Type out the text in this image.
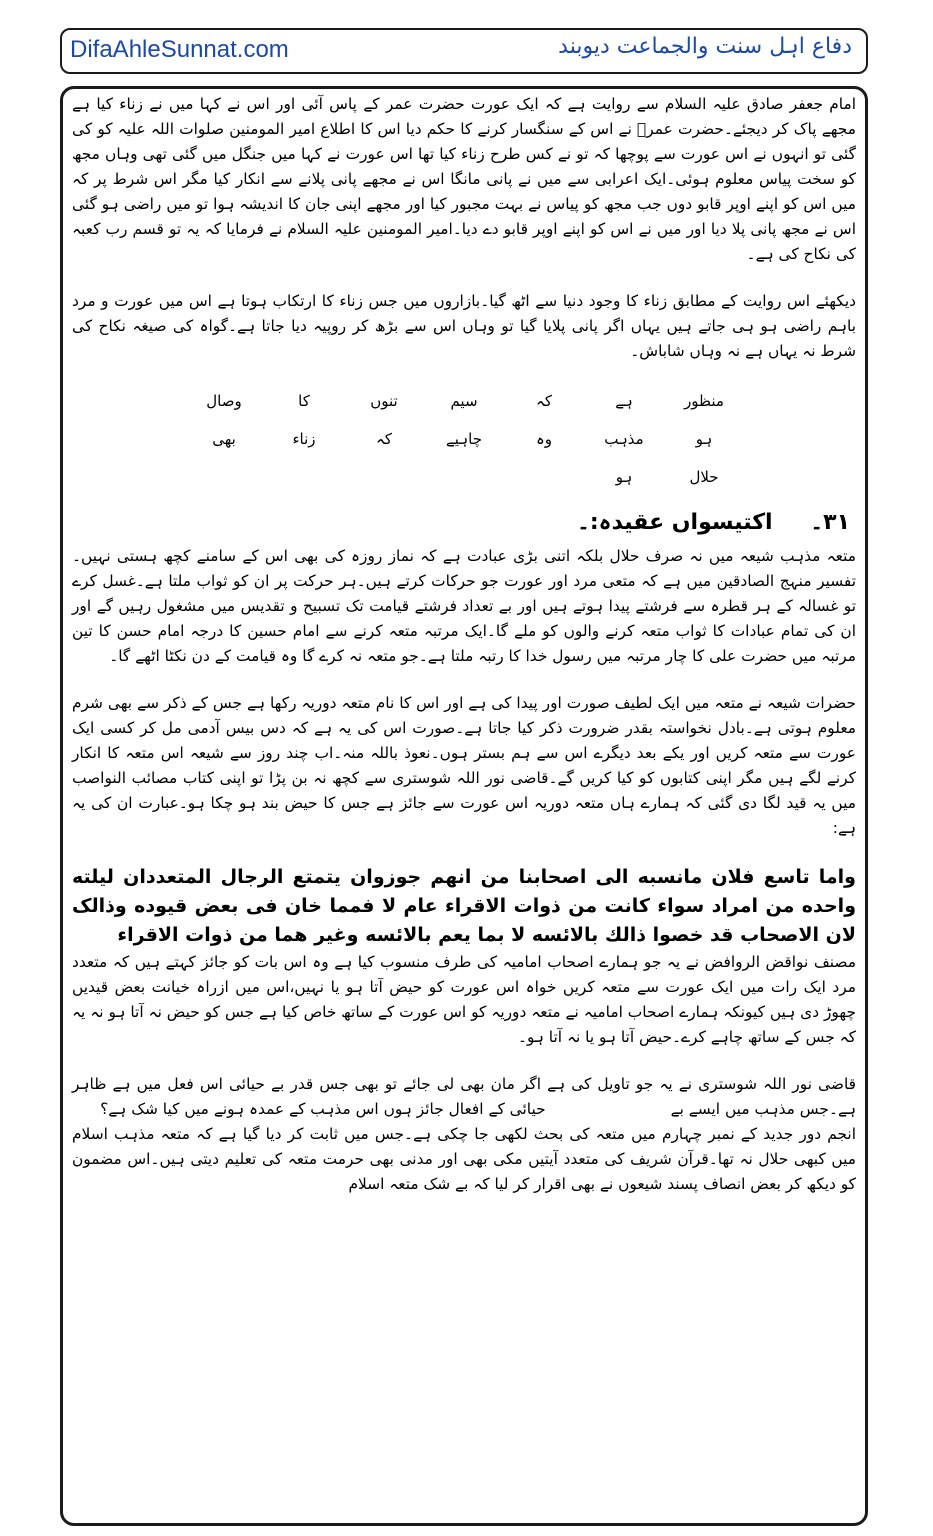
DifaAhleSunnat.com	دفاع اہل سنت والجماعت دیوبند

امام جعفر صادق علیہ السلام سے روایت ہے کہ ایک عورت حضرت عمر کے پاس آئی اور اس نے کہا میں نے زناء کیا ہے مجھے پاک کر دیجئے۔حضرت عمرؓ نے اس کے سنگسار کرنے کا حکم دیا اس کا اطلاع امیر المومنین صلوات اللہ علیہ کو کی گئی تو انہوں نے اس عورت سے پوچھا کہ تو نے کس طرح زناء کیا تھا اس عورت نے کہا میں جنگل میں گئی تھی وہاں مجھ کو سخت پیاس معلوم ہوئی۔ایک اعرابی سے میں نے پانی مانگا اس نے مجھے پانی پلانے سے انکار کیا مگر اس شرط پر کہ میں اس کو اپنے اوپر قابو دوں جب مجھ کو پیاس نے بہت مجبور کیا اور مجھے اپنی جان کا اندیشہ ہوا تو میں راضی ہو گئی اس نے مجھ پانی پلا دیا اور میں نے اس کو اپنے اوپر قابو دے دیا۔امیر المومنین علیہ السلام نے فرمایا کہ یہ تو قسم رب کعبہ کی نکاح کی ہے۔

دیکھئے اس روایت کے مطابق زناء کا وجود دنیا سے اٹھ گیا۔بازاروں میں جس زناء کا ارتکاب ہوتا ہے اس میں عورت و مرد باہم راضی ہو ہی جاتے ہیں یہاں اگر پانی پلایا گیا تو وہاں اس سے بڑھ کر روپیہ دیا جاتا ہے۔گواہ کی صیغہ نکاح کی شرط نہ یہاں ہے نہ وہاں شاباش۔

منظور
ہے
کہ
سیم
تنوں
کا
وصال
ہو
مذہب
وہ
چاہیے
کہ
زناء
بھی
حلال
ہو
۳۱۔ اکتیسواں عقیدہ:۔

متعہ مذہب شیعہ میں نہ صرف حلال بلکہ اتنی بڑی عبادت ہے کہ نماز روزہ کی بھی اس کے سامنے کچھ ہستی نہیں۔تفسیر منہج الصادقین میں ہے کہ متعی مرد اور عورت جو حرکات کرتے ہیں۔ہر حرکت پر ان کو ثواب ملتا ہے۔غسل کرے تو غسالہ کے ہر قطرہ سے فرشتے پیدا ہوتے ہیں اور بے تعداد فرشتے قیامت تک تسبیح و تقدیس میں مشغول رہیں گے اور ان کی تمام عبادات کا ثواب متعہ کرنے والوں کو ملے گا۔ایک مرتبہ متعہ کرنے سے امام حسین کا درجہ امام حسن کا تین مرتبہ میں حضرت علی کا چار مرتبہ میں رسول خدا کا رتبہ ملتا ہے۔جو متعہ نہ کرے گا وہ قیامت کے دن نکٹا اٹھے گا۔

حضرات شیعہ نے متعہ میں ایک لطیف صورت اور پیدا کی ہے اور اس کا نام متعہ دوریہ رکھا ہے جس کے ذکر سے بھی شرم معلوم ہوتی ہے۔بادل نخواستہ بقدر ضرورت ذکر کیا جاتا ہے۔صورت اس کی یہ ہے کہ دس بیس آدمی مل کر کسی ایک عورت سے متعہ کریں اور یکے بعد دیگرے اس سے ہم بستر ہوں۔نعوذ باللہ منہ۔اب چند روز سے شیعہ اس متعہ کا انکار کرنے لگے ہیں مگر اپنی کتابوں کو کیا کریں گے۔قاضی نور اللہ شوستری سے کچھ نہ بن پڑا تو اپنی کتاب مصائب النواصب میں یہ قید لگا دی گئی کہ ہمارے ہاں متعہ دوریہ اس عورت سے جائز ہے جس کا حیض بند ہو چکا ہو۔عبارت ان کی یہ ہے:

واما تاسع فلان مانسبه الی اصحابنا من انهم جوزوان یتمتع الرجال المتعددان لیلته واحده من امراد سواء کانت من ذوات الاقراء عام لا فمما خان فی بعض قیوده وذالک لان الاصحاب قد خصوا ذالك بالائسه لا بما یعم بالائسه وغیر هما من ذوات الاقراء

مصنف نواقض الروافض نے یہ جو ہمارے اصحاب امامیہ کی طرف منسوب کیا ہے وہ اس بات کو جائز کہتے ہیں کہ متعدد مرد ایک رات میں ایک عورت سے متعہ کریں خواہ اس عورت کو حیض آتا ہو یا نہیں،اس میں ازراہ خیانت بعض قیدیں چھوڑ دی ہیں کیونکہ ہمارے اصحاب امامیہ نے متعہ دوریہ کو اس عورت کے ساتھ خاص کیا ہے جس کو حیض نہ آتا ہو نہ یہ کہ جس کے ساتھ چاہے کرے۔حیض آتا ہو یا نہ آتا ہو۔

قاضی نور اللہ شوستری نے یہ جو تاویل کی ہے اگر مان بھی لی جائے تو بھی جس قدر بے حیائی اس فعل میں ہے ظاہر ہے۔جس مذہب میں ایسے بے حیائی کے افعال جائز ہوں اس مذہب کے عمدہ ہونے میں کیا شک ہے؟

انجم دور جدید کے نمبر چہارم میں متعہ کی بحث لکھی جا چکی ہے۔جس میں ثابت کر دیا گیا ہے کہ متعہ مذہب اسلام میں کبھی حلال نہ تھا۔قرآن شریف کی متعدد آیتیں مکی بھی اور مدنی بھی حرمت متعہ کی تعلیم دیتی ہیں۔اس مضمون کو دیکھ کر بعض انصاف پسند شیعوں نے بھی اقرار کر لیا کہ بے شک متعہ اسلام
